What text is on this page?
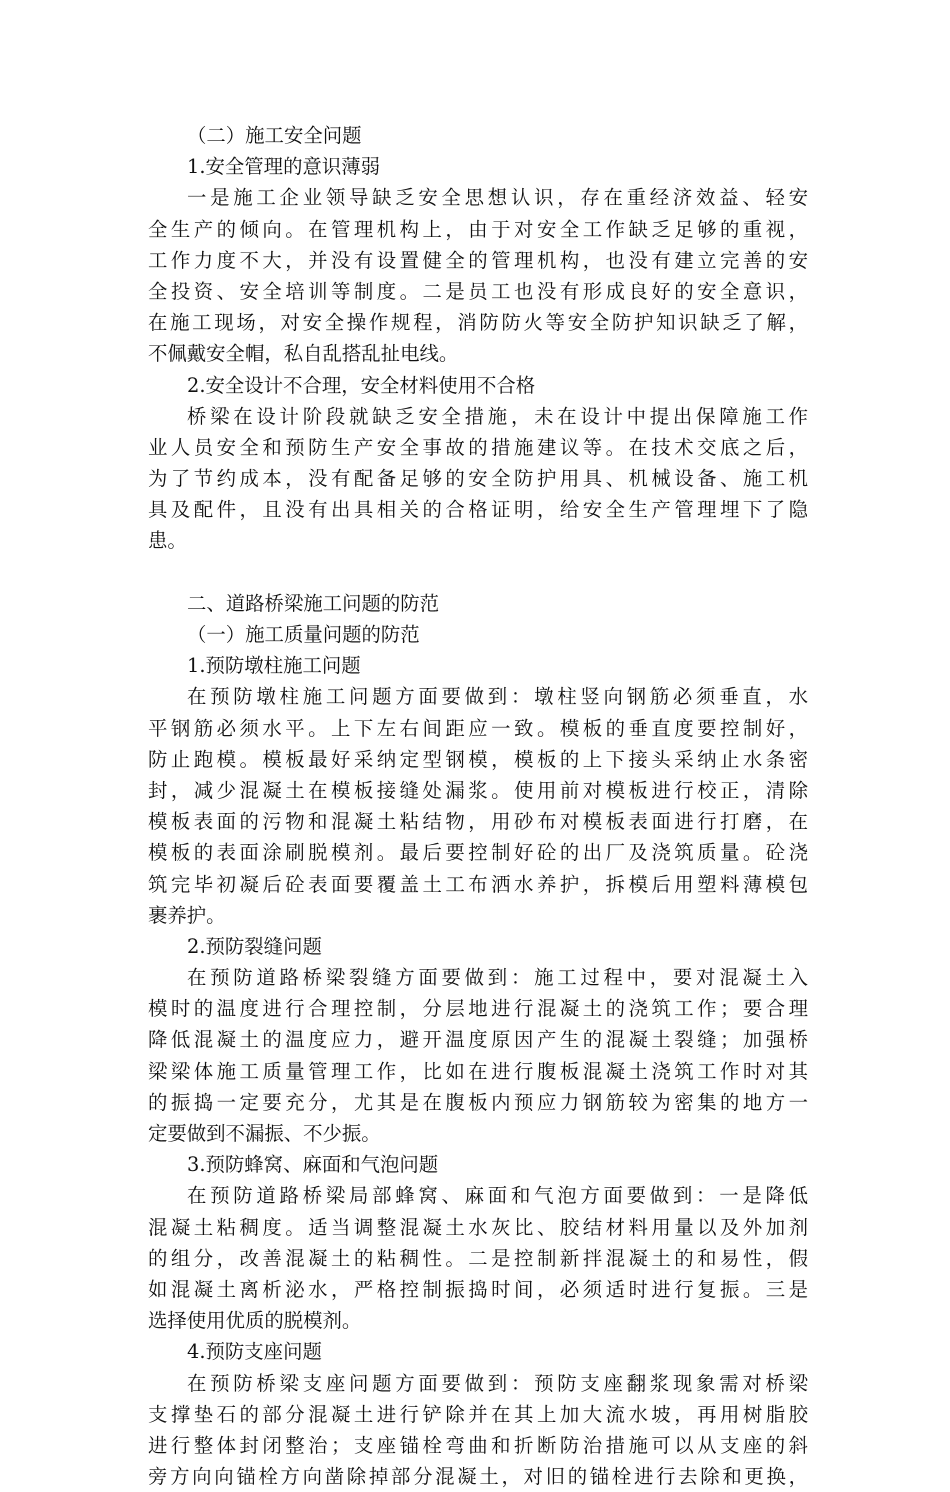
（二）施工安全问题
1.安全管理的意识薄弱
一是施工企业领导缺乏安全思想认识，存在重经济效益、轻安
全生产的倾向。在管理机构上，由于对安全工作缺乏足够的重视，
工作力度不大，并没有设置健全的管理机构，也没有建立完善的安
全投资、安全培训等制度。二是员工也没有形成良好的安全意识，
在施工现场，对安全操作规程，消防防火等安全防护知识缺乏了解，
不佩戴安全帽，私自乱搭乱扯电线。
2.安全设计不合理，安全材料使用不合格
桥梁在设计阶段就缺乏安全措施，未在设计中提出保障施工作
业人员安全和预防生产安全事故的措施建议等。在技术交底之后，
为了节约成本，没有配备足够的安全防护用具、机械设备、施工机
具及配件，且没有出具相关的合格证明，给安全生产管理埋下了隐
患。
二、道路桥梁施工问题的防范
（一）施工质量问题的防范
1.预防墩柱施工问题
在预防墩柱施工问题方面要做到：墩柱竖向钢筋必须垂直，水
平钢筋必须水平。上下左右间距应一致。模板的垂直度要控制好，
防止跑模。模板最好采纳定型钢模，模板的上下接头采纳止水条密
封，减少混凝土在模板接缝处漏浆。使用前对模板进行校正，清除
模板表面的污物和混凝土粘结物，用砂布对模板表面进行打磨，在
模板的表面涂刷脱模剂。最后要控制好砼的出厂及浇筑质量。砼浇
筑完毕初凝后砼表面要覆盖土工布洒水养护，拆模后用塑料薄模包
裹养护。
2.预防裂缝问题
在预防道路桥梁裂缝方面要做到：施工过程中，要对混凝土入
模时的温度进行合理控制，分层地进行混凝土的浇筑工作；要合理
降低混凝土的温度应力，避开温度原因产生的混凝土裂缝；加强桥
梁梁体施工质量管理工作，比如在进行腹板混凝土浇筑工作时对其
的振捣一定要充分，尤其是在腹板内预应力钢筋较为密集的地方一
定要做到不漏振、不少振。
3.预防蜂窝、麻面和气泡问题
在预防道路桥梁局部蜂窝、麻面和气泡方面要做到：一是降低
混凝土粘稠度。适当调整混凝土水灰比、胶结材料用量以及外加剂
的组分，改善混凝土的粘稠性。二是控制新拌混凝土的和易性，假
如混凝土离析泌水，严格控制振捣时间，必须适时进行复振。三是
选择使用优质的脱模剂。
4.预防支座问题
在预防桥梁支座问题方面要做到：预防支座翻浆现象需对桥梁
支撑垫石的部分混凝土进行铲除并在其上加大流水坡，再用树脂胶
进行整体封闭整治；支座锚栓弯曲和折断防治措施可以从支座的斜
旁方向向锚栓方向凿除掉部分混凝土，对旧的锚栓进行去除和更换，
